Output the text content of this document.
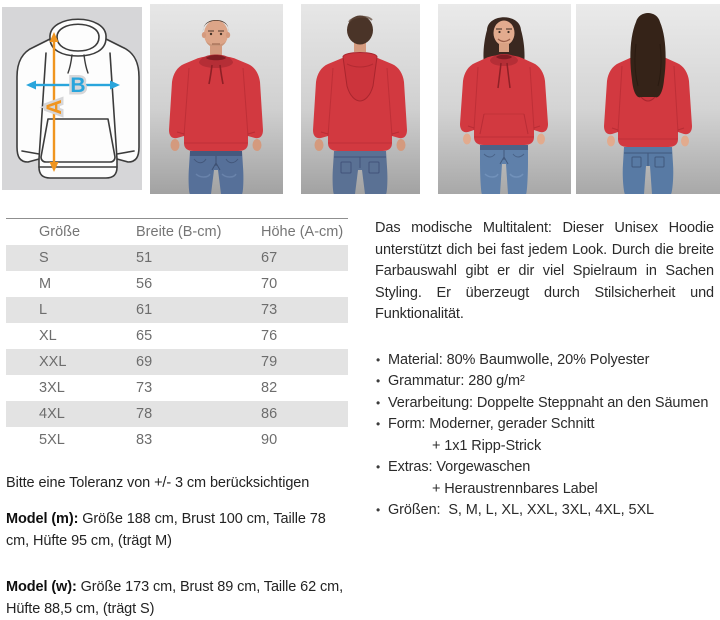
A
B
Größe	Breite (B-cm)	Höhe (A-cm)
S	51	67
M	56	70
L	61	73
XL	65	76
XXL	69	79
3XL	73	82
4XL	78	86
5XL	83	90

Bitte eine Toleranz von +/- 3 cm berücksichtigen

Model (m): Größe 188 cm, Brust 100 cm, Taille 78 cm, Hüfte 95 cm, (trägt M)

Model (w): Größe 173 cm, Brust 89 cm, Taille 62 cm, Hüfte 88,5 cm, (trägt S)

Das modische Multitalent: Dieser Unisex Hoodie unterstützt dich bei fast jedem Look. Durch die breite Farbauswahl gibt er dir viel Spielraum in Sachen Styling. Er überzeugt durch Stilsicherheit und Funktionalität.

• Material: 80% Baumwolle, 20% Polyester
• Grammatur: 280 g/m²
• Verarbeitung: Doppelte Steppnaht an den Säumen
• Form: Moderner, gerader Schnitt
+ 1x1 Ripp-Strick
• Extras: Vorgewaschen
+ Heraustrennbares Label
• Größen:  S, M, L, XL, XXL, 3XL, 4XL, 5XL
